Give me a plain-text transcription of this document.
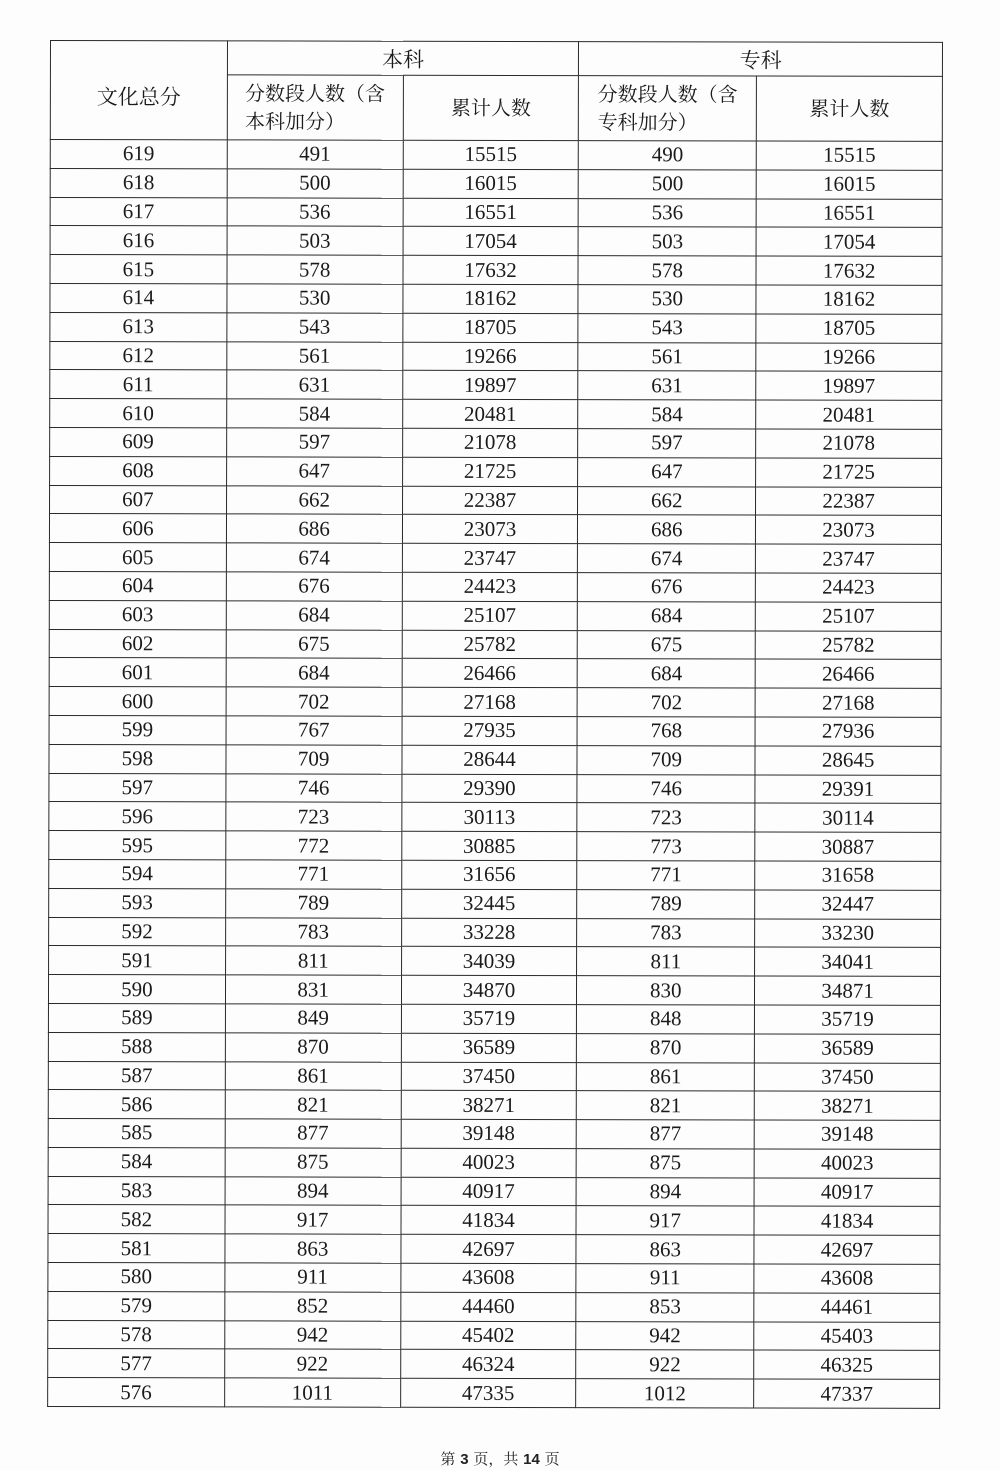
文化总分	本科		专科	
	分数段人数（含
本科加分）	累计人数	分数段人数（含
专科加分）	累计人数
619	491	15515	490	15515
618	500	16015	500	16015
617	536	16551	536	16551
616	503	17054	503	17054
615	578	17632	578	17632
614	530	18162	530	18162
613	543	18705	543	18705
612	561	19266	561	19266
611	631	19897	631	19897
610	584	20481	584	20481
609	597	21078	597	21078
608	647	21725	647	21725
607	662	22387	662	22387
606	686	23073	686	23073
605	674	23747	674	23747
604	676	24423	676	24423
603	684	25107	684	25107
602	675	25782	675	25782
601	684	26466	684	26466
600	702	27168	702	27168
599	767	27935	768	27936
598	709	28644	709	28645
597	746	29390	746	29391
596	723	30113	723	30114
595	772	30885	773	30887
594	771	31656	771	31658
593	789	32445	789	32447
592	783	33228	783	33230
591	811	34039	811	34041
590	831	34870	830	34871
589	849	35719	848	35719
588	870	36589	870	36589
587	861	37450	861	37450
586	821	38271	821	38271
585	877	39148	877	39148
584	875	40023	875	40023
583	894	40917	894	40917
582	917	41834	917	41834
581	863	42697	863	42697
580	911	43608	911	43608
579	852	44460	853	44461
578	942	45402	942	45403
577	922	46324	922	46325
576	1011	47335	1012	47337
第 3 页，共 14 页
